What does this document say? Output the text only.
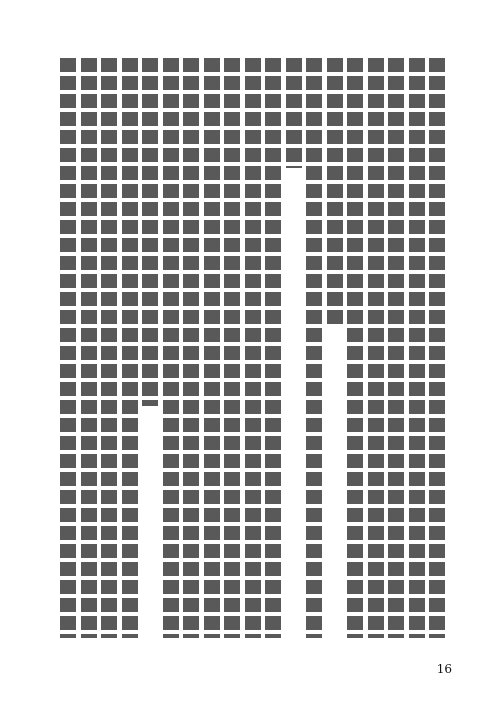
16
